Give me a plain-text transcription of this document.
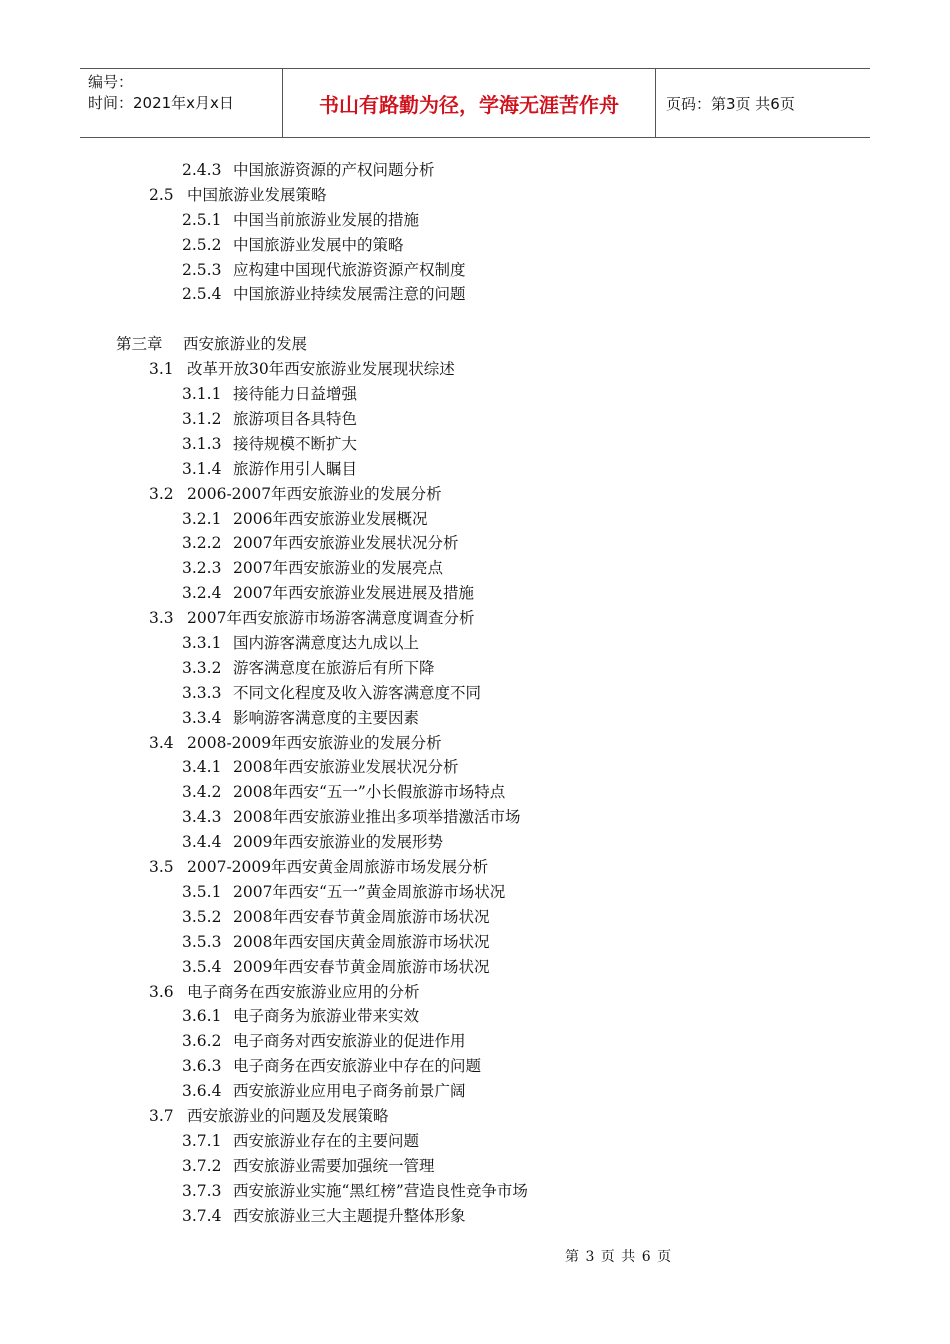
编号：
时间：2021年x月x日	书山有路勤为径，学海无涯苦作舟	页码：第3页 共6页
2.4.3 中国旅游资源的产权问题分析
2.5 中国旅游业发展策略
2.5.1 中国当前旅游业发展的措施
2.5.2 中国旅游业发展中的策略
2.5.3 应构建中国现代旅游资源产权制度
2.5.4 中国旅游业持续发展需注意的问题
第三章 西安旅游业的发展
3.1 改革开放30年西安旅游业发展现状综述
3.1.1 接待能力日益增强
3.1.2 旅游项目各具特色
3.1.3 接待规模不断扩大
3.1.4 旅游作用引人瞩目
3.2 2006-2007年西安旅游业的发展分析
3.2.1 2006年西安旅游业发展概况
3.2.2 2007年西安旅游业发展状况分析
3.2.3 2007年西安旅游业的发展亮点
3.2.4 2007年西安旅游业发展进展及措施
3.3 2007年西安旅游市场游客满意度调查分析
3.3.1 国内游客满意度达九成以上
3.3.2 游客满意度在旅游后有所下降
3.3.3 不同文化程度及收入游客满意度不同
3.3.4 影响游客满意度的主要因素
3.4 2008-2009年西安旅游业的发展分析
3.4.1 2008年西安旅游业发展状况分析
3.4.2 2008年西安“五一”小长假旅游市场特点
3.4.3 2008年西安旅游业推出多项举措激活市场
3.4.4 2009年西安旅游业的发展形势
3.5 2007-2009年西安黄金周旅游市场发展分析
3.5.1 2007年西安“五一”黄金周旅游市场状况
3.5.2 2008年西安春节黄金周旅游市场状况
3.5.3 2008年西安国庆黄金周旅游市场状况
3.5.4 2009年西安春节黄金周旅游市场状况
3.6 电子商务在西安旅游业应用的分析
3.6.1 电子商务为旅游业带来实效
3.6.2 电子商务对西安旅游业的促进作用
3.6.3 电子商务在西安旅游业中存在的问题
3.6.4 西安旅游业应用电子商务前景广阔
3.7 西安旅游业的问题及发展策略
3.7.1 西安旅游业存在的主要问题
3.7.2 西安旅游业需要加强统一管理
3.7.3 西安旅游业实施“黑红榜”营造良性竞争市场
3.7.4 西安旅游业三大主题提升整体形象
第 3 页 共 6 页
